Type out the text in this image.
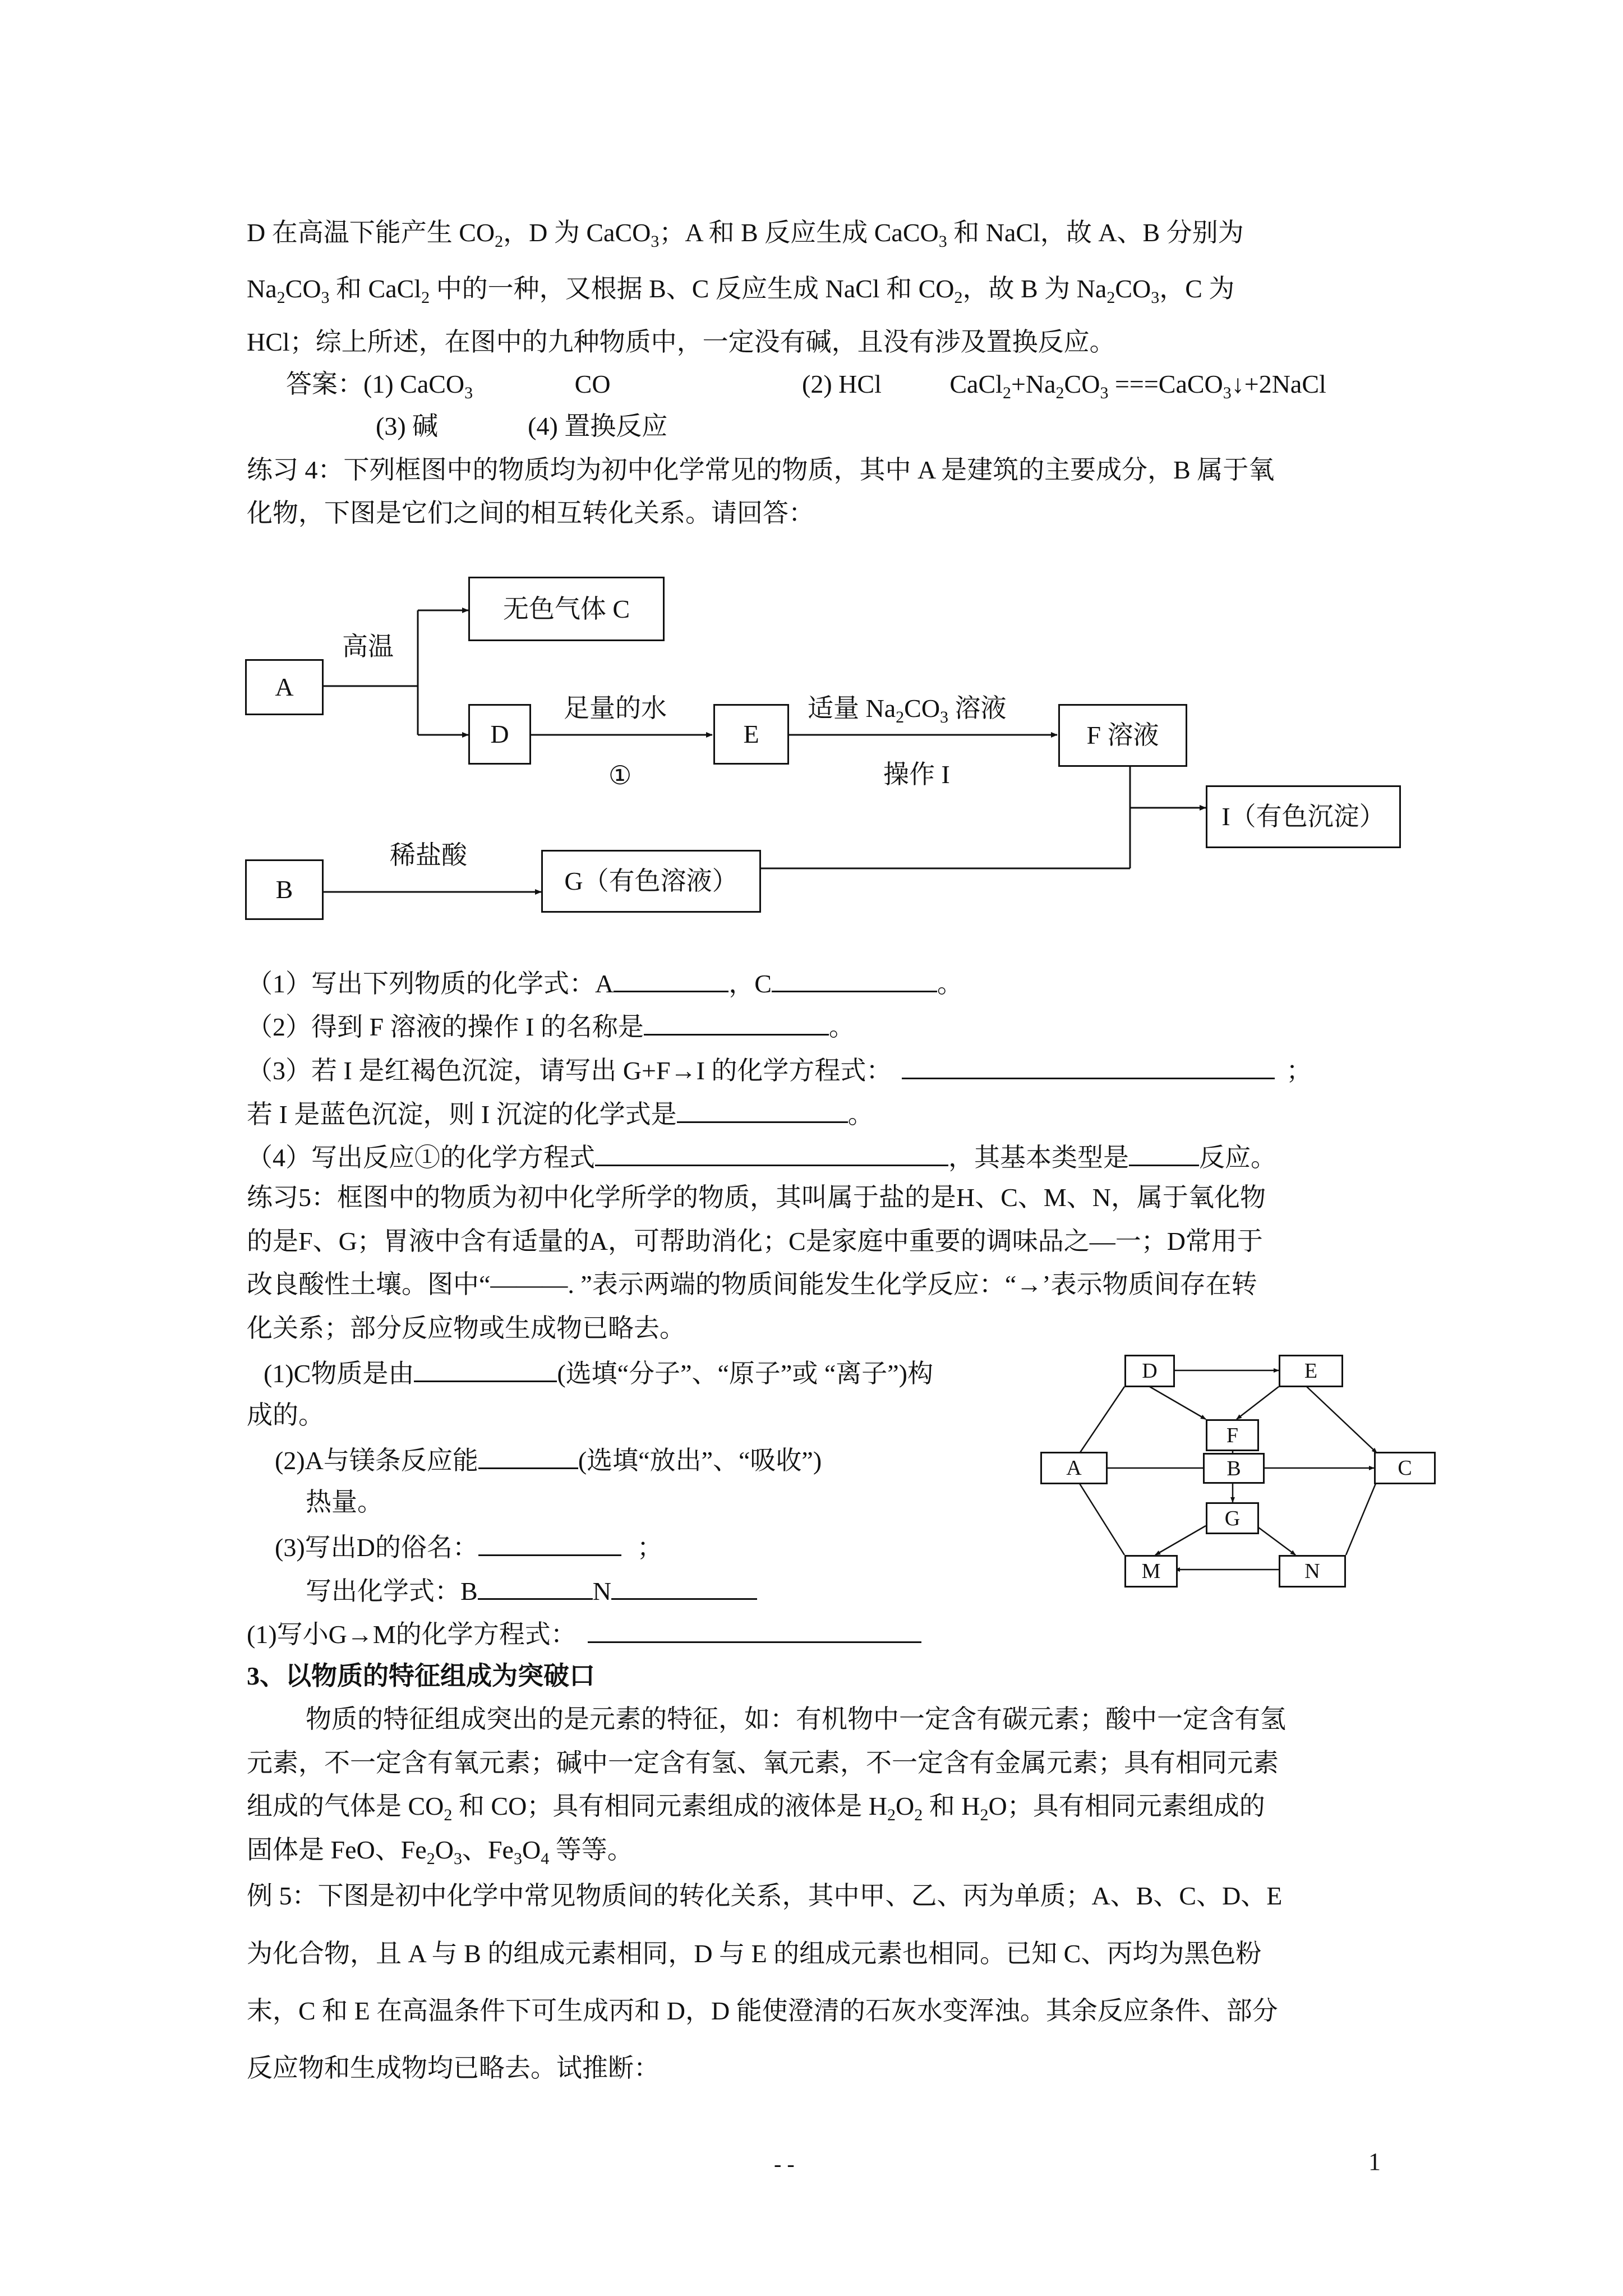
D 在高温下能产生 $CO_2$，D 为 CaCO$_3$；A 和 B 反应生成 CaCO$_3$ 和 NaCl，故 A、B 分别为
$Na_2CO_3$ 和 CaCl$_2$ 中的一种，又根据 B、C 反应生成 NaCl 和 $CO_2$，故 B 为 $Na_2CO_3$，C 为
HCl；综上所述，在图中的九种物质中，一定没有碱，且没有涉及置换反应。
答案：(1) CaCO$_3$	CO	(2) HCl	$CaCl_2+Na_2CO_3$ ===CaCO$_3$↓+2NaCl
(3) 碱	(4) 置换反应
练习 4：下列框图中的物质均为初中化学常见的物质，其中 A 是建筑的主要成分，B 属于氧
化物，下图是它们之间的相互转化关系。请回答：
A
无色气体 C
D	E	F 溶液
I（有色沉淀）
B	G（有色溶液）
高温
足量的水
①
适量 $Na_2CO_3$ 溶液
操作 I
稀盐酸
（1）写出下列物质的化学式：A	，C	。
（2）得到 F 溶液的操作 I 的名称是	。
（3）若 I 是红褐色沉淀，请写出 G+F→I 的化学方程式：	；
若 I 是蓝色沉淀，则 I 沉淀的化学式是	。
（4）写出反应①的化学方程式	，其基本类型是	反应。
练习5：框图中的物质为初中化学所学的物质，其叫属于盐的是H、C、M、N，属于氧化物
的是F、G；胃液中含有适量的A，可帮助消化；C是家庭中重要的调味品之—一；D常用于
改良酸性土壤。图中“———. ”表示两端的物质间能发生化学反应：“→’表示物质间存在转
化关系；部分反应物或生成物已略去。
(1)C物质是由	(选填“分子”、“原子”或 “离子”)构
成的。
(2)A与镁条反应能	(选填“放出”、“吸收”)
热量。
(3)写出D的俗名：	；
写出化学式：B	N
(1)写小G→M的化学方程式：
D	E
F
A	B	C
G
M	N
3、以物质的特征组成为突破口
物质的特征组成突出的是元素的特征，如：有机物中一定含有碳元素；酸中一定含有氢
元素，不一定含有氧元素；碱中一定含有氢、氧元素，不一定含有金属元素；具有相同元素
组成的气体是 $CO_2$ 和 CO；具有相同元素组成的液体是 $H_2O_2$ 和 $H_2O$；具有相同元素组成的
固体是 FeO、$Fe_2O_3$、$Fe_3O_4$ 等等。
例 5：下图是初中化学中常见物质间的转化关系，其中甲、乙、丙为单质；A、B、C、D、E
为化合物，且 A 与 B 的组成元素相同，D 与 E 的组成元素也相同。已知 C、丙均为黑色粉
末，C 和 E 在高温条件下可生成丙和 D，D 能使澄清的石灰水变浑浊。其余反应条件、部分
反应物和生成物均已略去。试推断：
- -	1
